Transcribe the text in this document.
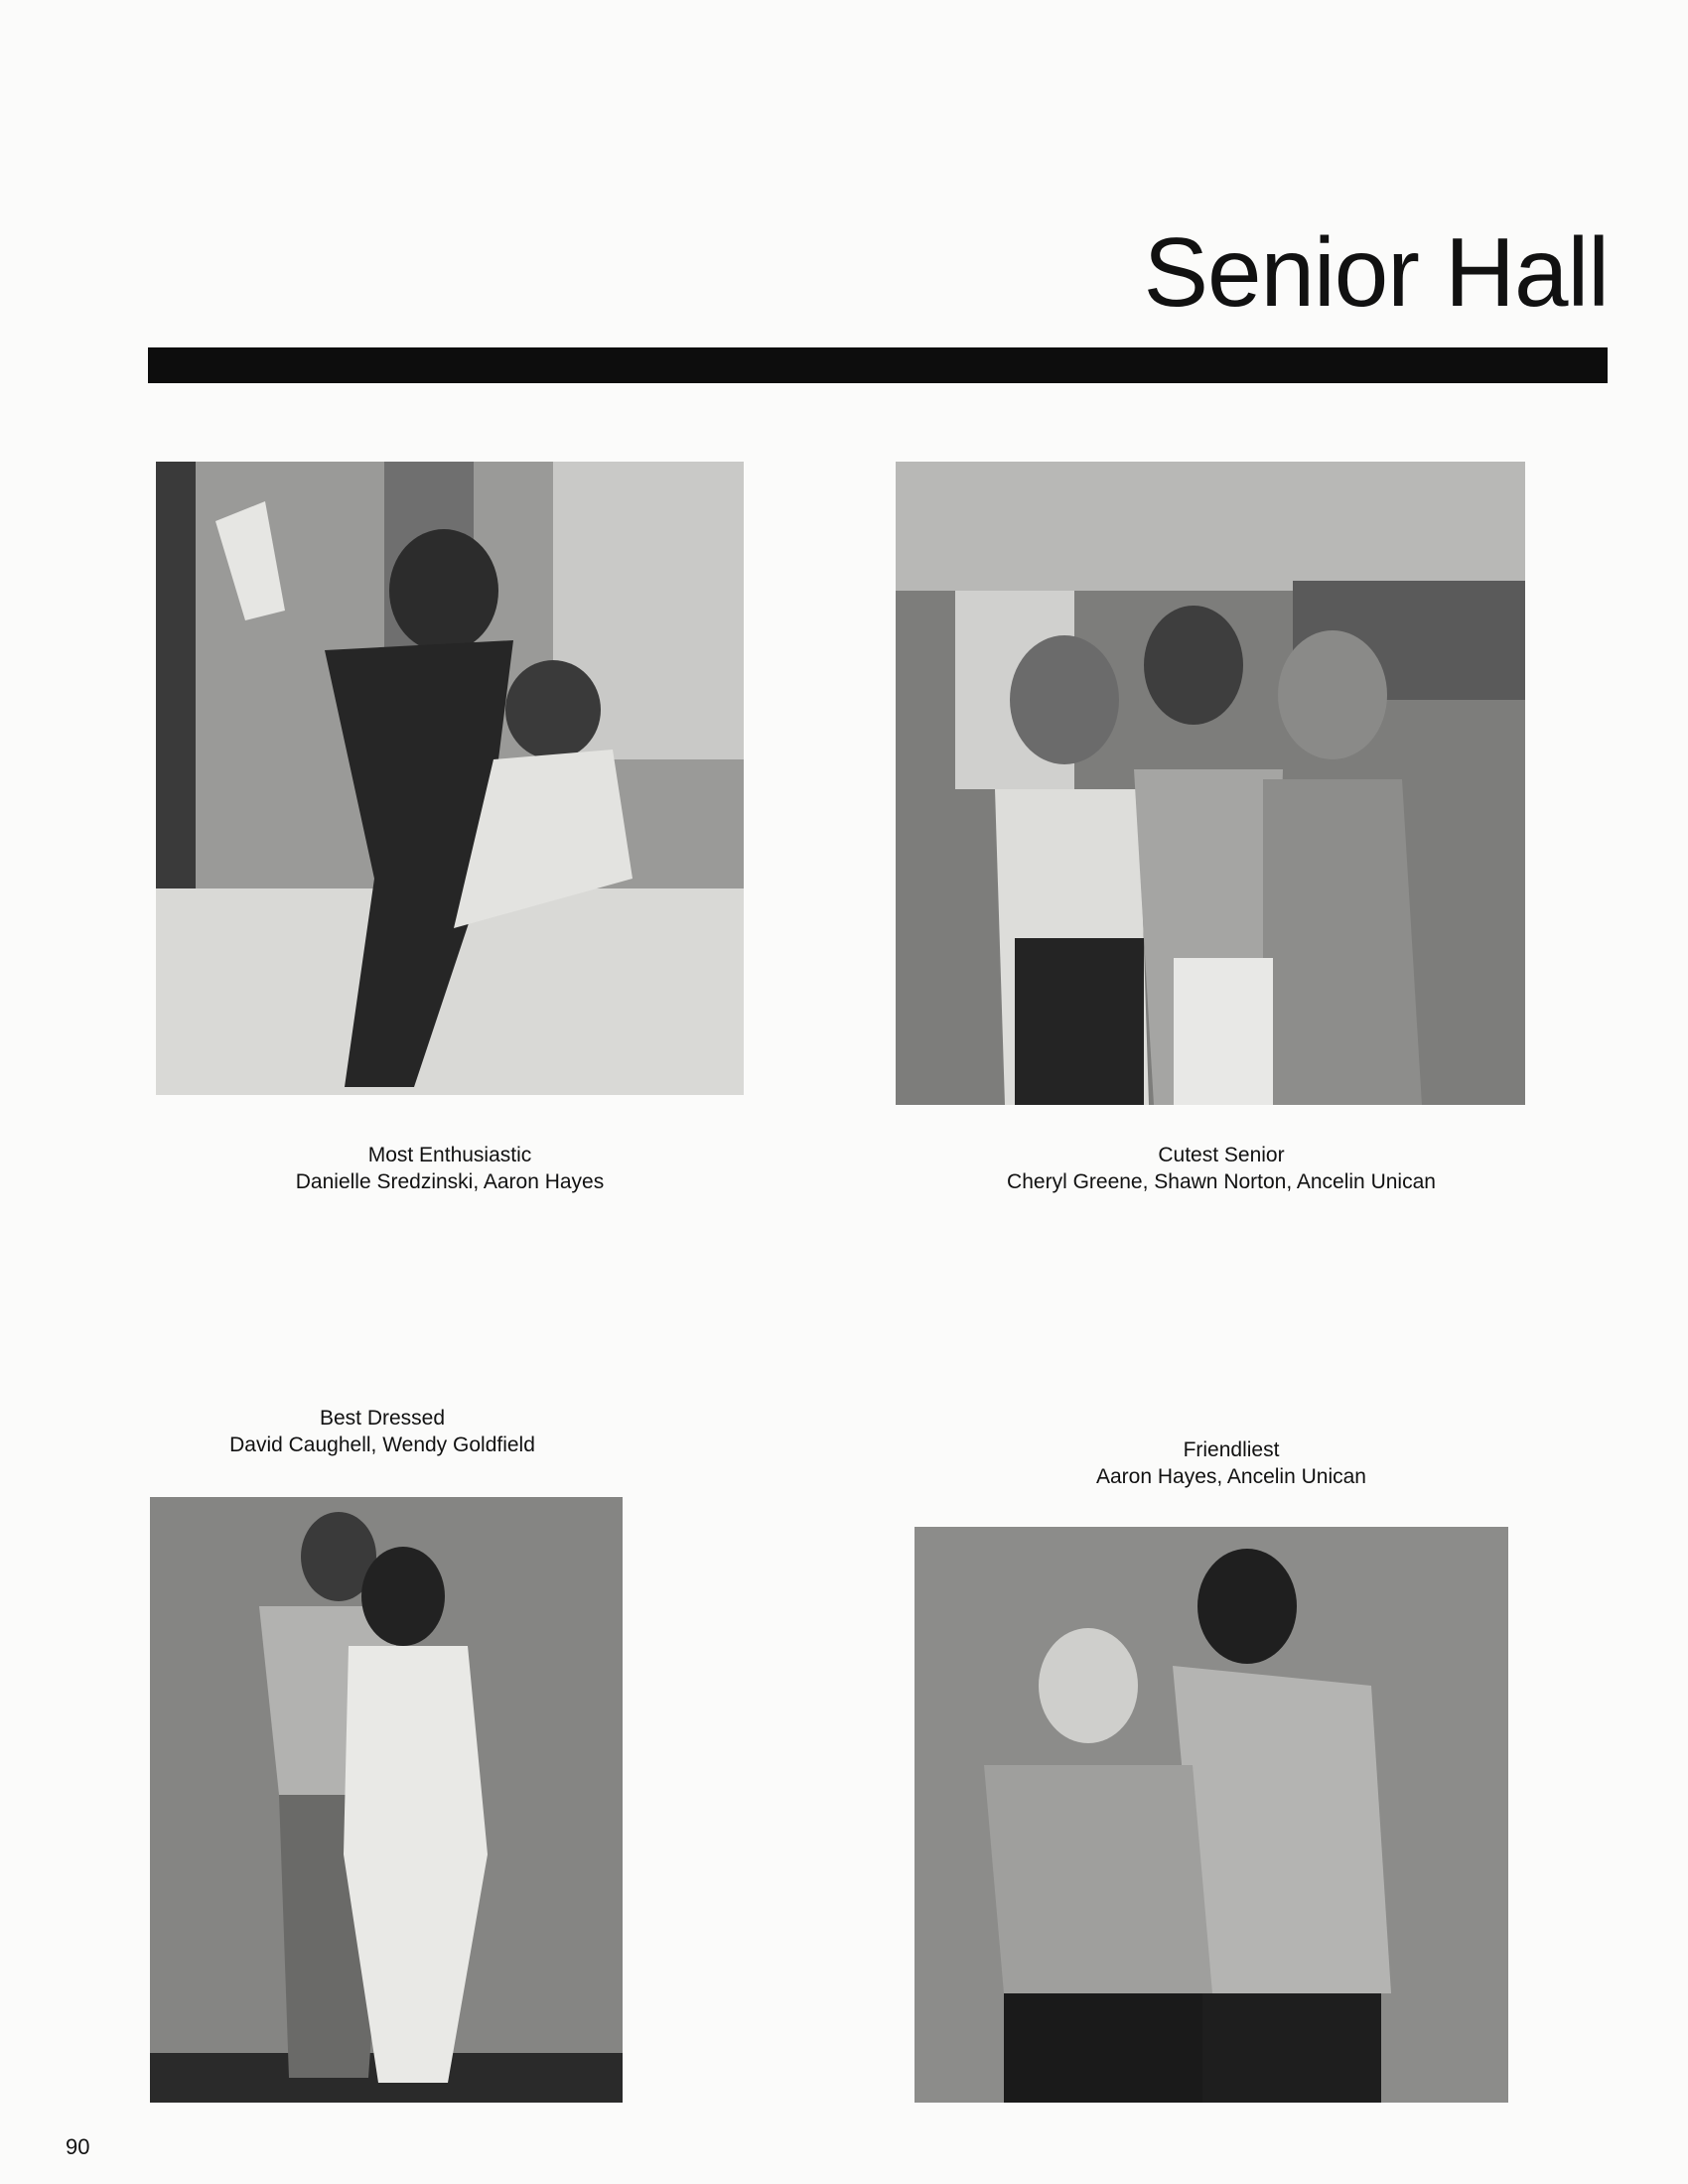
Senior Hall
Most Enthusiastic
Danielle Sredzinski, Aaron Hayes
Cutest Senior
Cheryl Greene, Shawn Norton, Ancelin Unican
Best Dressed
David Caughell, Wendy Goldfield	Friendliest
Aaron Hayes, Ancelin Unican
90
